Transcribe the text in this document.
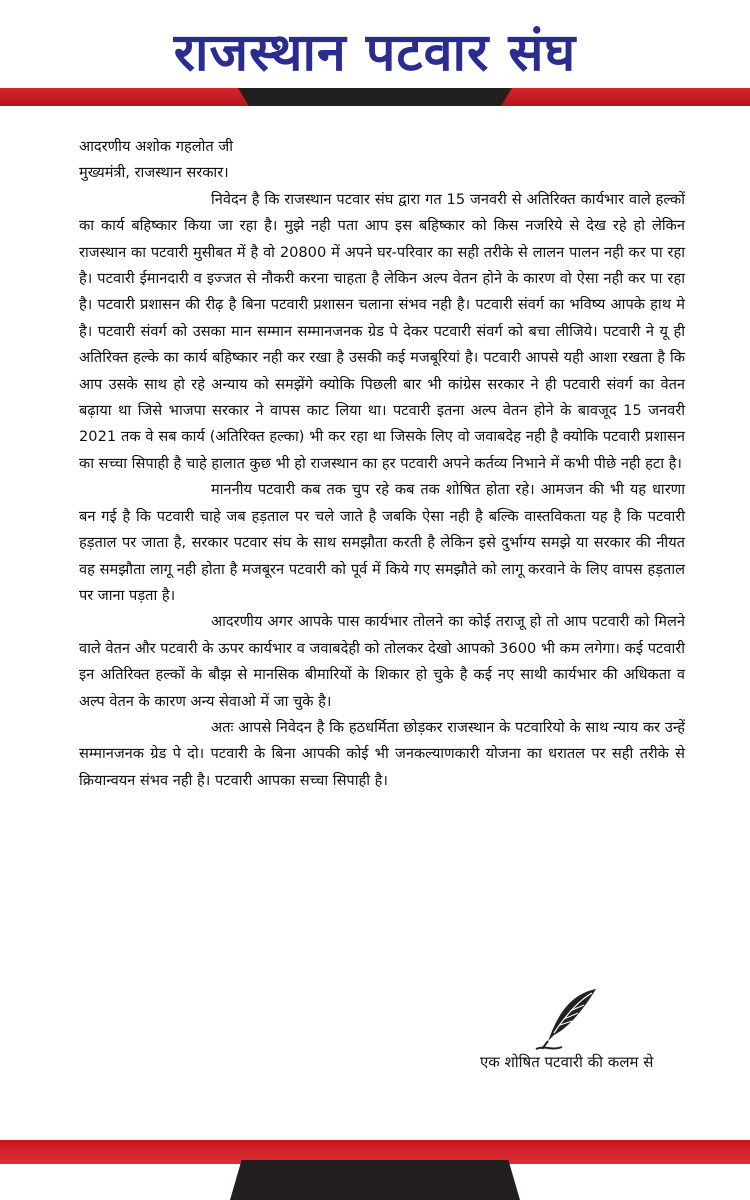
राजस्थान पटवार संघ

आदरणीय अशोक गहलोत जी

मुख्यमंत्री, राजस्थान सरकार।

निवेदन है कि राजस्थान पटवार संघ द्वारा गत 15 जनवरी से अतिरिक्त कार्यभार वाले हल्कों का कार्य बहिष्कार किया जा रहा है। मुझे नही पता आप इस बहिष्कार को किस नजरिये से देख रहे हो लेकिन राजस्थान का पटवारी मुसीबत में है वो 20800 में अपने घर-परिवार का सही तरीके से लालन पालन नही कर पा रहा है। पटवारी ईमानदारी व इज्जत से नौकरी करना चाहता है लेकिन अल्प वेतन होने के कारण वो ऐसा नही कर पा रहा है। पटवारी प्रशासन की रीढ़ है बिना पटवारी प्रशासन चलाना संभव नही है। पटवारी संवर्ग का भविष्य आपके हाथ मे है। पटवारी संवर्ग को उसका मान सम्मान सम्मानजनक ग्रेड पे देकर पटवारी संवर्ग को बचा लीजिये। पटवारी ने यू ही अतिरिक्त हल्के का कार्य बहिष्कार नही कर रखा है उसकी कई मजबूरियां है। पटवारी आपसे यही आशा रखता है कि आप उसके साथ हो रहे अन्याय को समझेंगे क्योकि पिछली बार भी कांग्रेस सरकार ने ही पटवारी संवर्ग का वेतन बढ़ाया था जिसे भाजपा सरकार ने वापस काट लिया था। पटवारी इतना अल्प वेतन होने के बावजूद 15 जनवरी 2021 तक वे सब कार्य (अतिरिक्त हल्का) भी कर रहा था जिसके लिए वो जवाबदेह नही है क्योकि पटवारी प्रशासन का सच्चा सिपाही है चाहे हालात कुछ भी हो राजस्थान का हर पटवारी अपने कर्तव्य निभाने में कभी पीछे नही हटा है।

माननीय पटवारी कब तक चुप रहे कब तक शोषित होता रहे। आमजन की भी यह धारणा बन गई है कि पटवारी चाहे जब हड़ताल पर चले जाते है जबकि ऐसा नही है बल्कि वास्तविकता यह है कि पटवारी हड़ताल पर जाता है, सरकार पटवार संघ के साथ समझौता करती है लेकिन इसे दुर्भाग्य समझे या सरकार की नीयत वह समझौता लागू नही होता है मजबूरन पटवारी को पूर्व में किये गए समझौते को लागू करवाने के लिए वापस हड़ताल पर जाना पड़ता है।

आदरणीय अगर आपके पास कार्यभार तोलने का कोई तराजू हो तो आप पटवारी को मिलने वाले वेतन और पटवारी के ऊपर कार्यभार व जवाबदेही को तोलकर देखो आपको 3600 भी कम लगेगा। कई पटवारी इन अतिरिक्त हल्कों के बौझ से मानसिक बीमारियों के शिकार हो चुके है कई नए साथी कार्यभार की अधिकता व अल्प वेतन के कारण अन्य सेवाओ में जा चुके है।

अतः आपसे निवेदन है कि हठधर्मिता छोड़कर राजस्थान के पटवारियो के साथ न्याय कर उन्हें सम्मानजनक ग्रेड पे दो। पटवारी के बिना आपकी कोई भी जनकल्याणकारी योजना का धरातल पर सही तरीके से क्रियान्वयन संभव नही है। पटवारी आपका सच्चा सिपाही है।

एक शोषित पटवारी की कलम से
